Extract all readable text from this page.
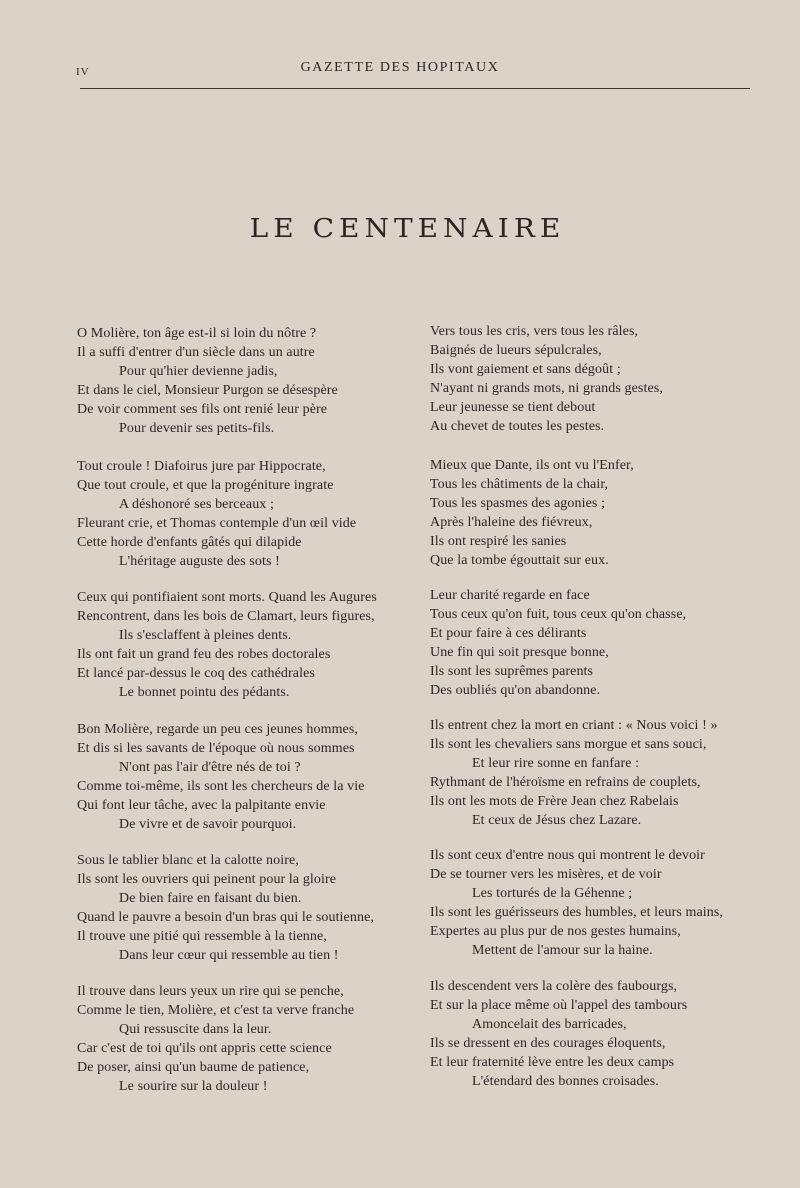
IV	GAZETTE DES HOPITAUX
LE CENTENAIRE
O Molière, ton âge est-il si loin du nôtre ?
Il a suffi d'entrer d'un siècle dans un autre
Pour qu'hier devienne jadis,
Et dans le ciel, Monsieur Purgon se désespère
De voir comment ses fils ont renié leur père
Pour devenir ses petits-fils.
Tout croule ! Diafoirus jure par Hippocrate,
Que tout croule, et que la progéniture ingrate
A déshonoré ses berceaux ;
Fleurant crie, et Thomas contemple d'un œil vide
Cette horde d'enfants gâtés qui dilapide
L'héritage auguste des sots !
Ceux qui pontifiaient sont morts. Quand les Augures
Rencontrent, dans les bois de Clamart, leurs figures,
Ils s'esclaffent à pleines dents.
Ils ont fait un grand feu des robes doctorales
Et lancé par-dessus le coq des cathédrales
Le bonnet pointu des pédants.
Bon Molière, regarde un peu ces jeunes hommes,
Et dis si les savants de l'époque où nous sommes
N'ont pas l'air d'être nés de toi ?
Comme toi-même, ils sont les chercheurs de la vie
Qui font leur tâche, avec la palpitante envie
De vivre et de savoir pourquoi.
Sous le tablier blanc et la calotte noire,
Ils sont les ouvriers qui peinent pour la gloire
De bien faire en faisant du bien.
Quand le pauvre a besoin d'un bras qui le soutienne,
Il trouve une pitié qui ressemble à la tienne,
Dans leur cœur qui ressemble au tien !
Il trouve dans leurs yeux un rire qui se penche,
Comme le tien, Molière, et c'est ta verve franche
Qui ressuscite dans la leur.
Car c'est de toi qu'ils ont appris cette science
De poser, ainsi qu'un baume de patience,
Le sourire sur la douleur !
Vers tous les cris, vers tous les râles,
Baignés de lueurs sépulcrales,
Ils vont gaiement et sans dégoût ;
N'ayant ni grands mots, ni grands gestes,
Leur jeunesse se tient debout
Au chevet de toutes les pestes.
Mieux que Dante, ils ont vu l'Enfer,
Tous les châtiments de la chair,
Tous les spasmes des agonies ;
Après l'haleine des fiévreux,
Ils ont respiré les sanies
Que la tombe égouttait sur eux.
Leur charité regarde en face
Tous ceux qu'on fuit, tous ceux qu'on chasse,
Et pour faire à ces délirants
Une fin qui soit presque bonne,
Ils sont les suprêmes parents
Des oubliés qu'on abandonne.
Ils entrent chez la mort en criant : « Nous voici ! »
Ils sont les chevaliers sans morgue et sans souci,
Et leur rire sonne en fanfare :
Rythmant de l'héroïsme en refrains de couplets,
Ils ont les mots de Frère Jean chez Rabelais
Et ceux de Jésus chez Lazare.
Ils sont ceux d'entre nous qui montrent le devoir
De se tourner vers les misères, et de voir
Les torturés de la Géhenne ;
Ils sont les guérisseurs des humbles, et leurs mains,
Expertes au plus pur de nos gestes humains,
Mettent de l'amour sur la haine.
Ils descendent vers la colère des faubourgs,
Et sur la place même où l'appel des tambours
Amoncelait des barricades,
Ils se dressent en des courages éloquents,
Et leur fraternité lève entre les deux camps
L'étendard des bonnes croisades.
